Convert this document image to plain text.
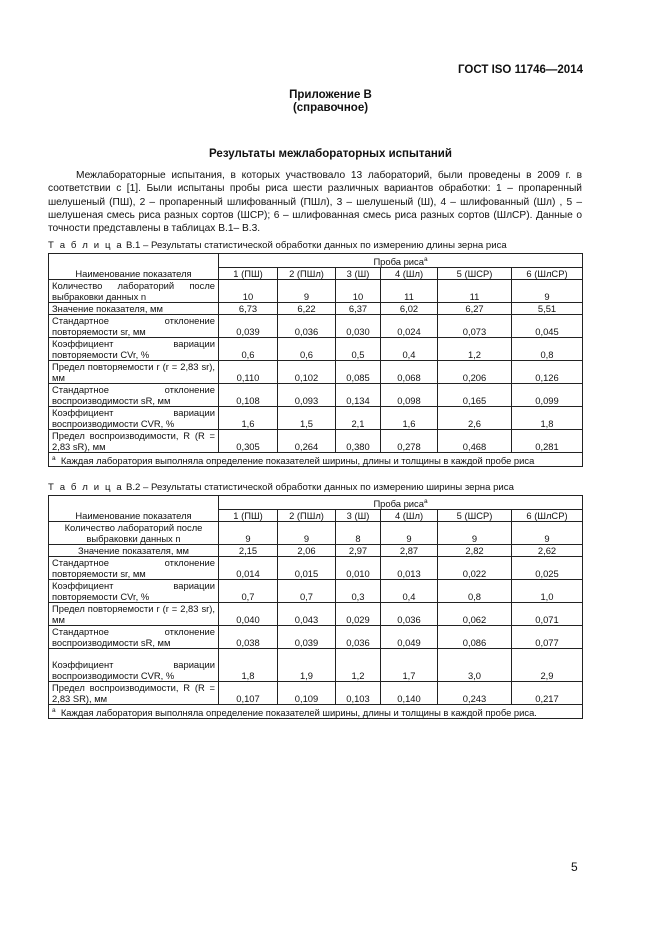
ГОСТ ISO 11746—2014
Приложение В
(справочное)
Результаты межлабораторных испытаний

Межлабораторные испытания, в которых участвовало 13 лабораторий, были проведены в 2009 г. в соответствии с [1]. Были испытаны пробы риса шести различных вариантов обработки: 1 – пропаренный шелушеный (ПШ), 2 – пропаренный шлифованный (ПШл), 3 – шелушеный (Ш), 4 – шлифованный (Шл) , 5 – шелушеная смесь риса разных сортов (ШСР); 6 – шлифованная смесь риса разных сортов (ШлСР). Данные о точности представлены в таблицах В.1– В.3.

Т а б л и ц а В.1 – Результаты статистической обработки данных по измерению длины зерна риса
Наименование показателя	Проба риса$^a$
	1 (ПШ)	2 (ПШл)	3 (Ш)	4 (Шл)	5 (ШСР)	6 (ШлСР)
Количество лабораторий после выбраковки данных n	10	9	10	11	11	9
Значение показателя, мм	6,73	6,22	6,37	6,02	6,27	5,51
Стандартное отклонение повторяемости sr, мм	0,039	0,036	0,030	0,024	0,073	0,045
Коэффициент вариации повторяемости CVr, %	0,6	0,6	0,5	0,4	1,2	0,8
Предел повторяемости r (r = 2,83 sr), мм	0,110	0,102	0,085	0,068	0,206	0,126
Стандартное отклонение воспроизводимости sR, мм	0,108	0,093	0,134	0,098	0,165	0,099
Коэффициент вариации воспроизводимости CVR, %	1,6	1,5	2,1	1,6	2,6	1,8
Предел воспроизводимости, R (R = 2,83 sR), мм	0,305	0,264	0,380	0,278	0,468	0,281
$^a$ Каждая лаборатория выполняла определение показателей ширины, длины и толщины в каждой пробе риса						
Т а б л и ц а В.2 – Результаты статистической обработки данных по измерению ширины зерна риса
Наименование показателя	Проба риса$^a$
	1 (ПШ)	2 (ПШл)	3 (Ш)	4 (Шл)	5 (ШСР)	6 (ШлСР)
Количество лабораторий после выбраковки данных n	9	9	8	9	9	9
Значение показателя, мм	2,15	2,06	2,97	2,87	2,82	2,62
Стандартное отклонение повторяемости sr, мм	0,014	0,015	0,010	0,013	0,022	0,025
Коэффициент вариации повторяемости CVr, %	0,7	0,7	0,3	0,4	0,8	1,0
Предел повторяемости r (r = 2,83 sr), мм	0,040	0,043	0,029	0,036	0,062	0,071
Стандартное отклонение воспроизводимости sR, мм	0,038	0,039	0,036	0,049	0,086	0,077
Коэффициент вариации воспроизводимости CVR, %	1,8	1,9	1,2	1,7	3,0	2,9
Предел воспроизводимости, R (R = 2,83 SR), мм	0,107	0,109	0,103	0,140	0,243	0,217
$^a$ Каждая лаборатория выполняла определение показателей ширины, длины и толщины в каждой пробе риса.						
5
